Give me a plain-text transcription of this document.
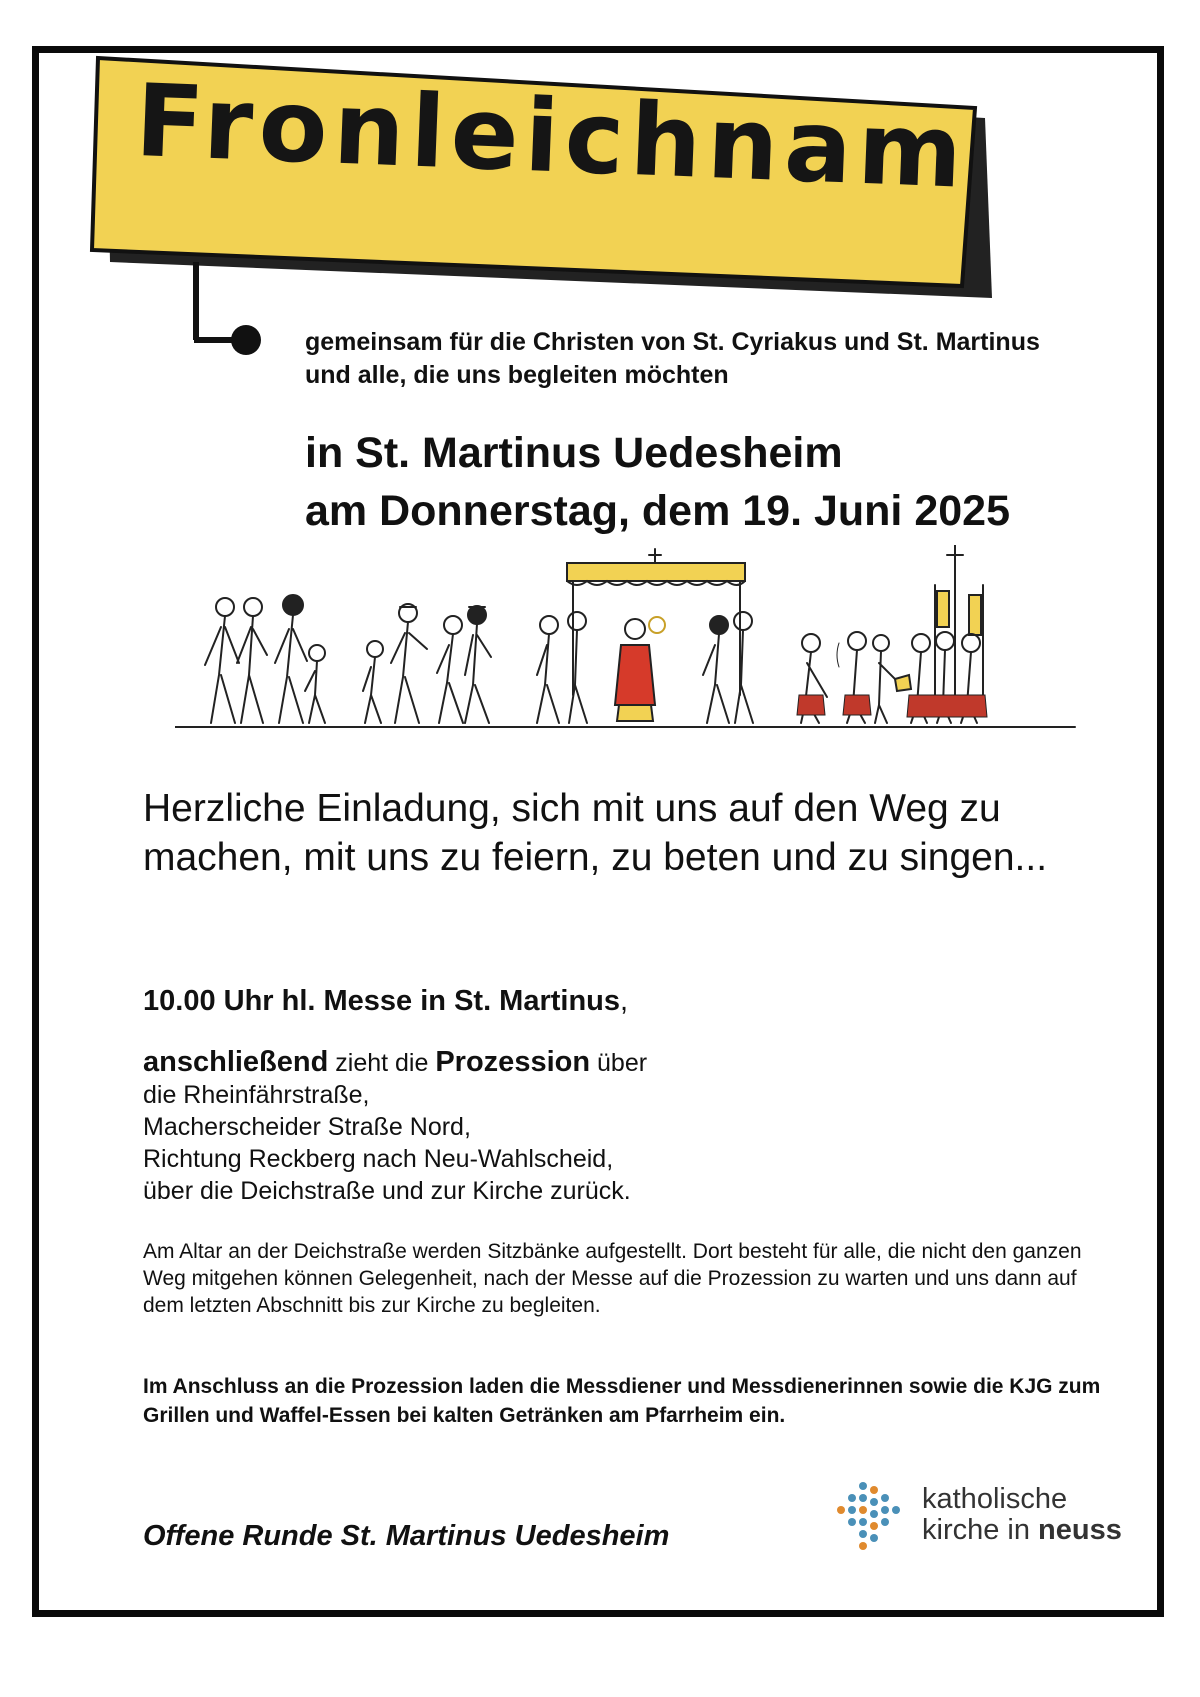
Fronleichnam
gemeinsam für die Christen von St. Cyriakus und St. Martinus
und alle, die uns begleiten möchten
in St. Martinus Uedesheim
am Donnerstag, dem 19. Juni 2025
Herzliche Einladung, sich mit uns auf den Weg zu machen, mit uns zu feiern, zu beten und zu singen...
10.00 Uhr hl. Messe in St. Martinus,
anschließend zieht die Prozession über
die Rheinfährstraße,
Macherscheider Straße Nord,
Richtung Reckberg nach Neu-Wahlscheid,
über die Deichstraße und zur Kirche zurück.
Am Altar an der Deichstraße werden Sitzbänke aufgestellt. Dort besteht für alle, die nicht den ganzen Weg mitgehen können Gelegenheit, nach der Messe auf die Prozession zu warten und uns dann auf dem letzten Abschnitt bis zur Kirche zu begleiten.
Im Anschluss an die Prozession laden die Messdiener und Messdienerinnen sowie die KJG zum Grillen und Waffel-Essen bei kalten Getränken am Pfarrheim ein.
Offene Runde St. Martinus Uedesheim
katholische
kirche in neuss
